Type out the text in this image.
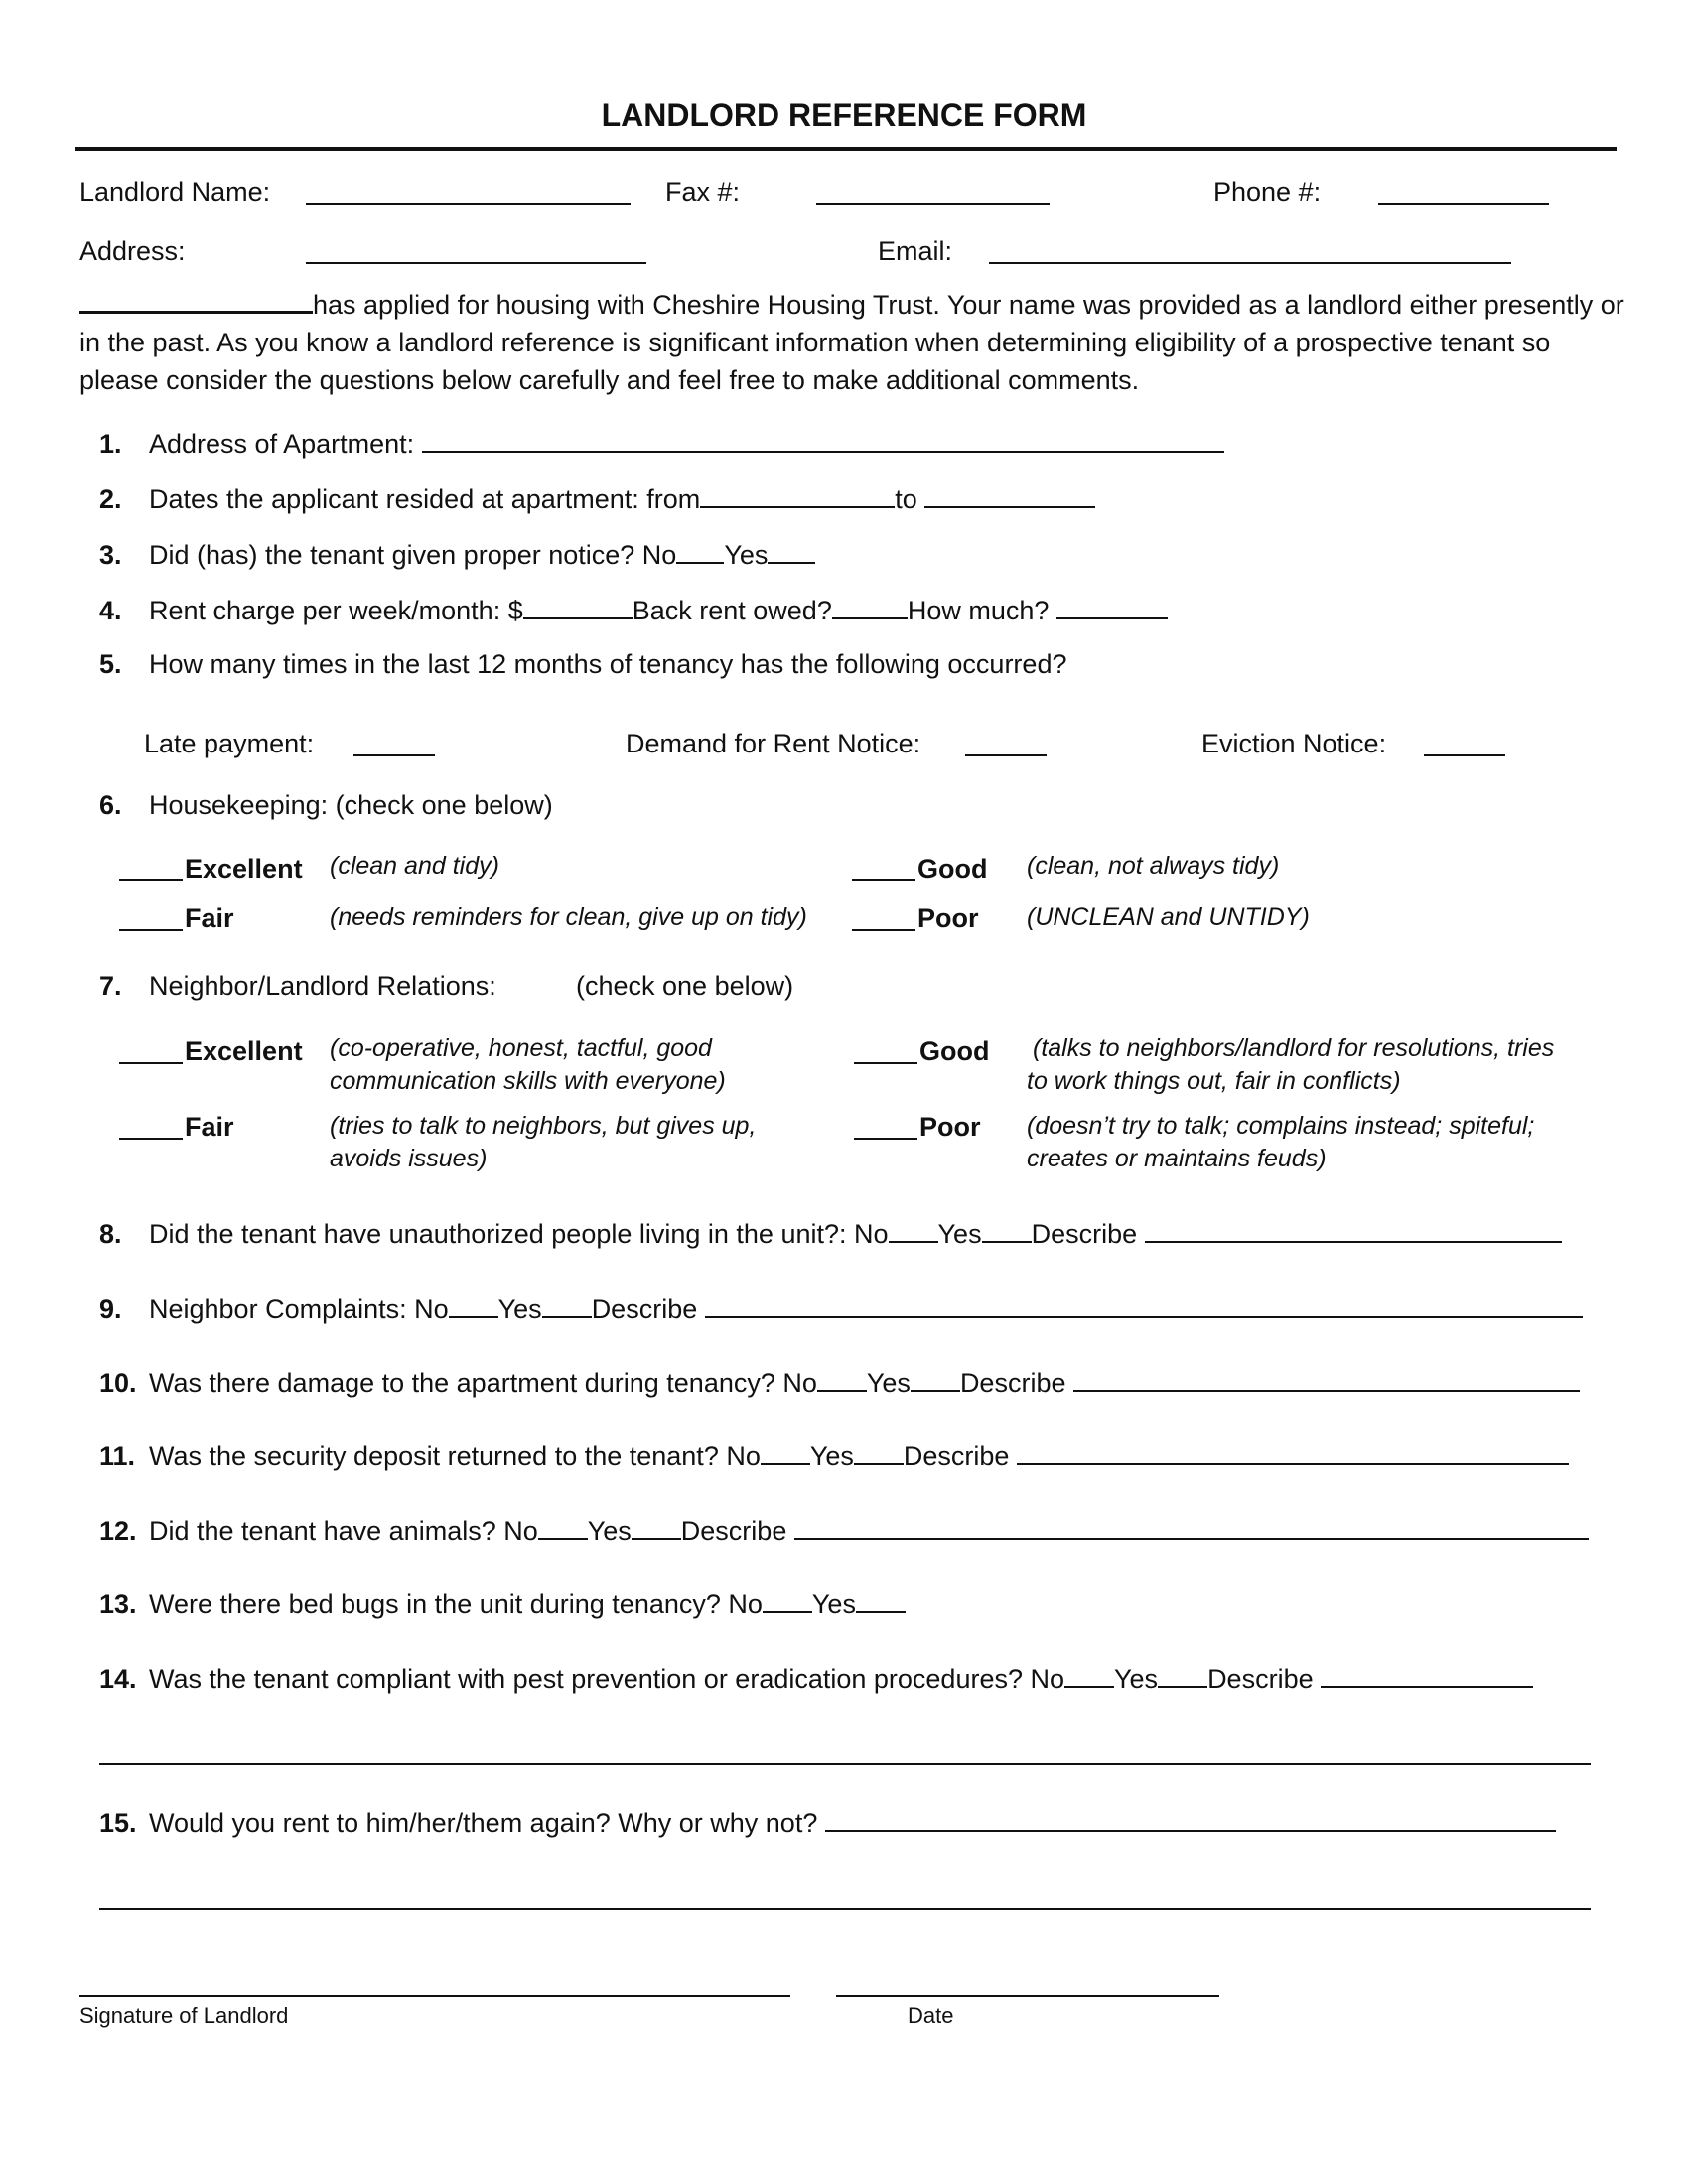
LANDLORD REFERENCE FORM
Landlord Name:	Fax #:	Phone #:
Address:	Email:
has applied for housing with Cheshire Housing Trust. Your name was provided as a landlord either presently or in the past. As you know a landlord reference is significant information when determining eligibility of a prospective tenant so please consider the questions below carefully and feel free to make additional comments.
1. Address of Apartment:
2. Dates the applicant resided at apartment: from	to
3. Did (has) the tenant given proper notice? No Yes
4. Rent charge per week/month: $	Back rent owed?	How much?
5. How many times in the last 12 months of tenancy has the following occurred?
Late payment:	Demand for Rent Notice:	Eviction Notice:
6. Housekeeping: (check one below)
Excellent (clean and tidy)	Good (clean, not always tidy)
Fair	(needs reminders for clean, give up on tidy)	Poor (UNCLEAN and UNTIDY)
7. Neighbor/Landlord Relations:	(check one below)
Excellent (co-operative, honest, tactful, good
communication skills with everyone)
Good (talks to neighbors/landlord for resolutions, tries
to work things out, fair in conflicts)
Fair	(tries to talk to neighbors, but gives up,
avoids issues)
Poor (doesn’t try to talk; complains instead; spiteful;
creates or maintains feuds)
8. Did the tenant have unauthorized people living in the unit?: No Yes Describe
9. Neighbor Complaints: No Yes Describe
10. Was there damage to the apartment during tenancy? No Yes Describe
11. Was the security deposit returned to the tenant? No Yes Describe
12. Did the tenant have animals? No Yes Describe
13. Were there bed bugs in the unit during tenancy? No Yes
14. Was the tenant compliant with pest prevention or eradication procedures? No Yes Describe
15. Would you rent to him/her/them again? Why or why not?
Signature of Landlord	Date
